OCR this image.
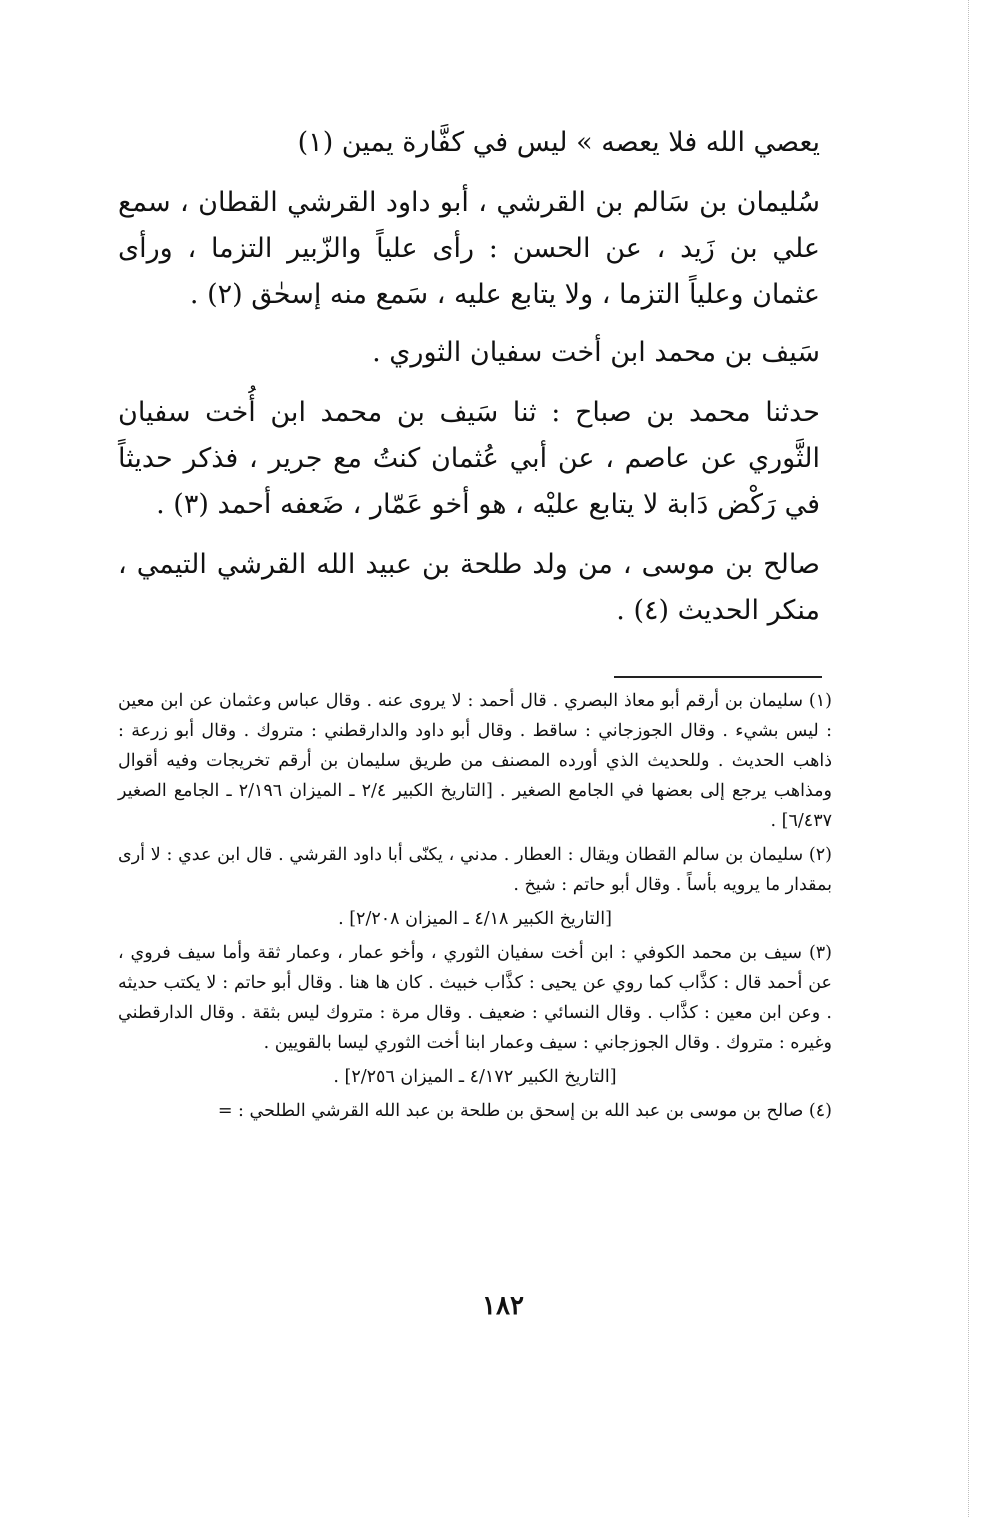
يعصي الله فلا يعصه » ليس في كفَّارة يمين (١)

سُليمان بن سَالم بن القرشي ، أبو داود القرشي القطان ، سمع علي بن زَيد ، عن الحسن : رأى علياً والزّبير التزما ، ورأى عثمان وعلياً التزما ، ولا يتابع عليه ، سَمع منه إسحٰق (٢) .

سَيف بن محمد ابن أخت سفيان الثوري .

حدثنا محمد بن صباح : ثنا سَيف بن محمد ابن أُخت سفيان الثَّوري عن عاصم ، عن أبي عُثمان كنتُ مع جرير ، فذكر حديثاً في رَكْض دَابة لا يتابع عليْه ، هو أخو عَمّار ، ضَعفه أحمد (٣) .

صالح بن موسى ، من ولد طلحة بن عبيد الله القرشي التيمي ، منكر الحديث (٤) .

(١) سليمان بن أرقم أبو معاذ البصري . قال أحمد : لا يروى عنه . وقال عباس وعثمان عن ابن معين : ليس بشيء . وقال الجوزجاني : ساقط . وقال أبو داود والدارقطني : متروك . وقال أبو زرعة : ذاهب الحديث . وللحديث الذي أورده المصنف من طريق سليمان بن أرقم تخريجات وفيه أقوال ومذاهب يرجع إلى بعضها في الجامع الصغير . [التاريخ الكبير ٢/٤ ـ الميزان ٢/١٩٦ ـ الجامع الصغير ٦/٤٣٧] .

(٢) سليمان بن سالم القطان ويقال : العطار . مدني ، يكنّى أبا داود القرشي . قال ابن عدي : لا أرى بمقدار ما يرويه بأساً . وقال أبو حاتم : شيخ .

[التاريخ الكبير ٤/١٨ ـ الميزان ٢/٢٠٨] .

(٣) سيف بن محمد الكوفي : ابن أخت سفيان الثوري ، وأخو عمار ، وعمار ثقة وأما سيف فروي ، عن أحمد قال : كذَّاب كما روي عن يحيى : كذَّاب خبيث . كان ها هنا . وقال أبو حاتم : لا يكتب حديثه . وعن ابن معين : كذَّاب . وقال النسائي : ضعيف . وقال مرة : متروك ليس بثقة . وقال الدارقطني وغيره : متروك . وقال الجوزجاني : سيف وعمار ابنا أخت الثوري ليسا بالقويين .

[التاريخ الكبير ٤/١٧٢ ـ الميزان ٢/٢٥٦] .

(٤) صالح بن موسى بن عبد الله بن إسحق بن طلحة بن عبد الله القرشي الطلحي : =

١٨٢
